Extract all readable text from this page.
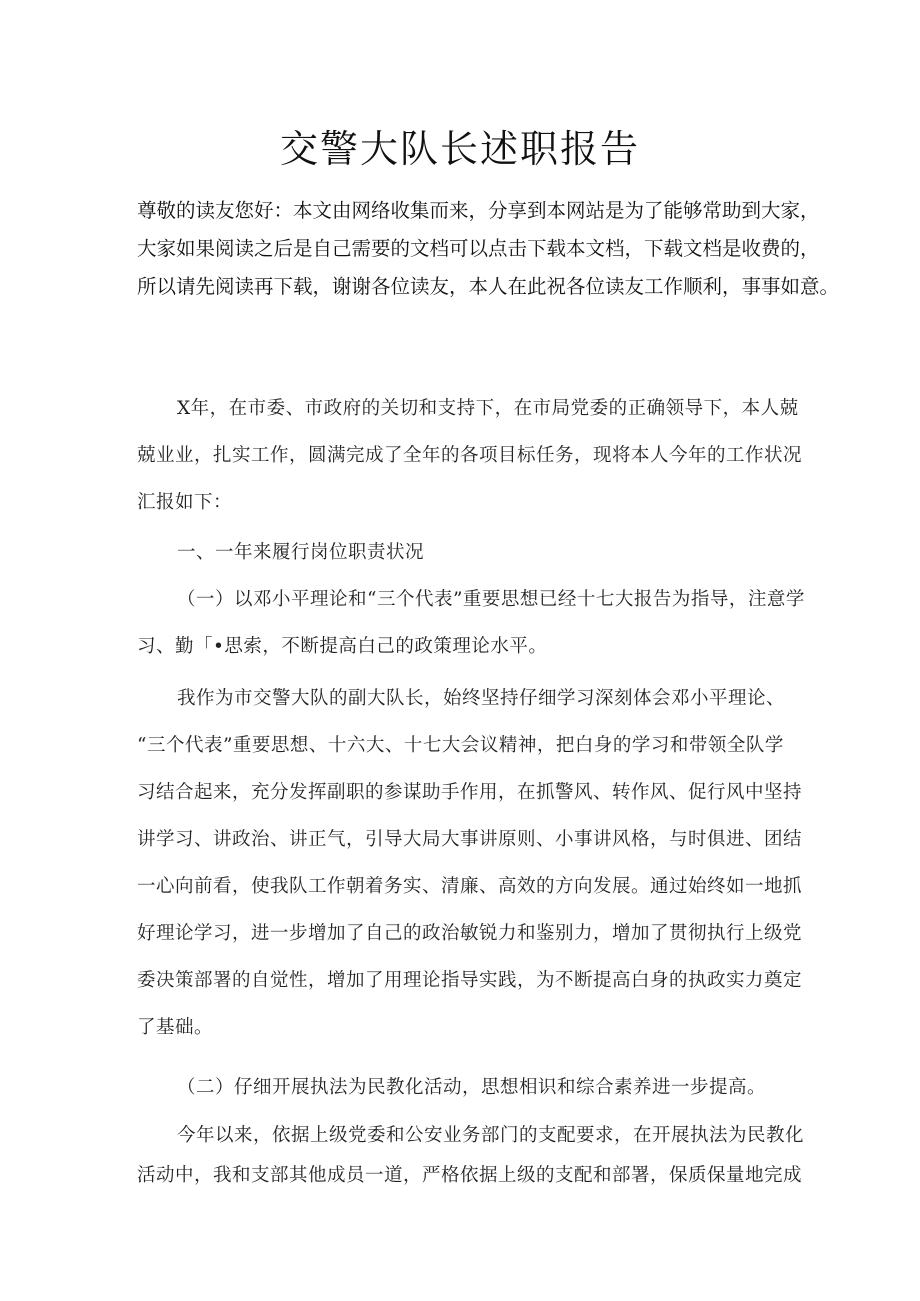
交警大队长述职报告

尊敬的读友您好：本文由网络收集而来，分享到本网站是为了能够常助到大家，

大家如果阅读之后是自己需要的文档可以点击下载本文档，下载文档是收费的，

所以请先阅读再下载，谢谢各位读友，本人在此祝各位读友工作顺利，事事如意。

X年，在市委、市政府的关切和支持下，在市局党委的正确领导下，本人兢

兢业业，扎实工作，圆满完成了全年的各项目标任务，现将本人今年的工作状况

汇报如下：

一、一年来履行岗位职责状况

（一）以邓小平理论和“三个代表”重要思想已经十七大报告为指导，注意学

习、勤「•思索，不断提高白己的政策理论水平。

我作为市交警大队的副大队长，始终坚持仔细学习深刻体会邓小平理论、

“三个代表”重要思想、十六大、十七大会议精神，把白身的学习和带领全队学

习结合起来，充分发挥副职的参谋助手作用，在抓警风、转作风、促行风中坚持

讲学习、讲政治、讲正气，引导大局大事讲原则、小事讲风格，与时俱进、团结

一心向前看，使我队工作朝着务实、清廉、高效的方向发展。通过始终如一地抓

好理论学习，进一步增加了自己的政治敏锐力和鉴别力，增加了贯彻执行上级党

委决策部署的自觉性，增加了用理论指导实践，为不断提高白身的执政实力奠定

了基础。

（二）仔细开展执法为民教化活动，思想相识和综合素养进一步提高。

今年以来，依据上级党委和公安业务部门的支配要求，在开展执法为民教化

活动中，我和支部其他成员一道，严格依据上级的支配和部署，保质保量地完成
